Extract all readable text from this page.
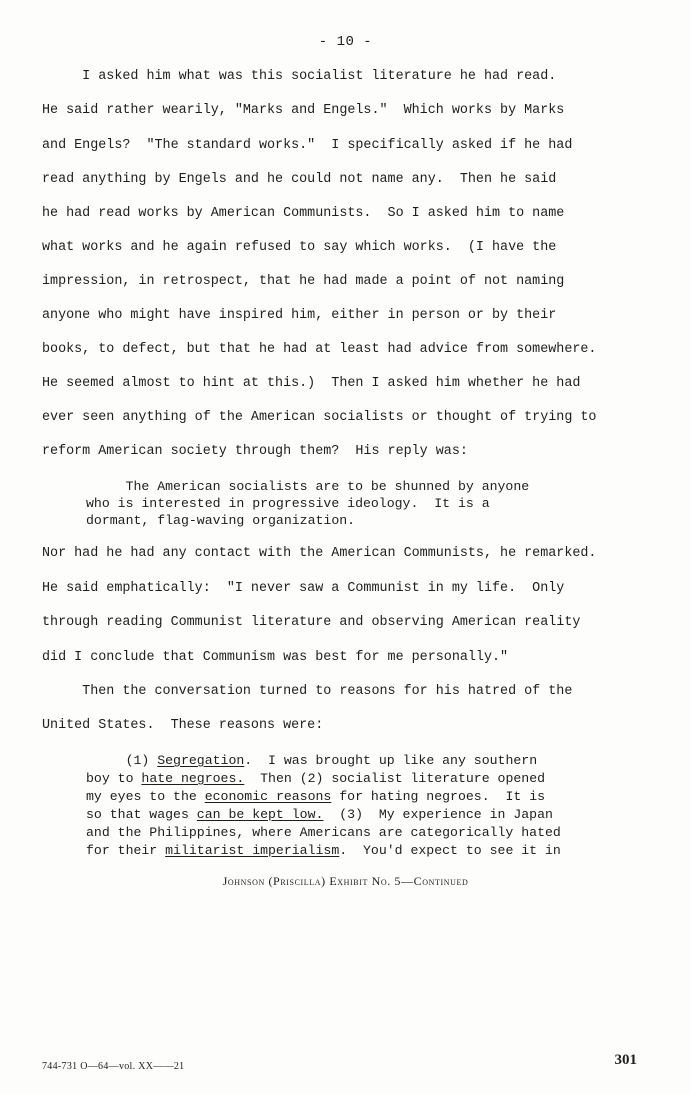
- 10 -
I asked him what was this socialist literature he had read.
He said rather wearily, "Marks and Engels."  Which works by Marks
and Engels?  "The standard works."  I specifically asked if he had
read anything by Engels and he could not name any.  Then he said
he had read works by American Communists.  So I asked him to name
what works and he again refused to say which works.  (I have the
impression, in retrospect, that he had made a point of not naming
anyone who might have inspired him, either in person or by their
books, to defect, but that he had at least had advice from somewhere.
He seemed almost to hint at this.)  Then I asked him whether he had
ever seen anything of the American socialists or thought of trying to
reform American society through them?  His reply was:
The American socialists are to be shunned by anyone
who is interested in progressive ideology.  It is a
dormant, flag-waving organization.
Nor had he had any contact with the American Communists, he remarked.
He said emphatically:  "I never saw a Communist in my life.  Only
through reading Communist literature and observing American reality
did I conclude that Communism was best for me personally."
Then the conversation turned to reasons for his hatred of the
United States.  These reasons were:
(1) Segregation.  I was brought up like any southern
boy to hate negroes.  Then (2) socialist literature opened
my eyes to the economic reasons for hating negroes.  It is
so that wages can be kept low.  (3)  My experience in Japan
and the Philippines, where Americans are categorically hated
for their militarist imperialism.  You'd expect to see it in
Johnson (Priscilla) Exhibit No. 5—Continued
744-731 O—64—vol. XX——21	301
